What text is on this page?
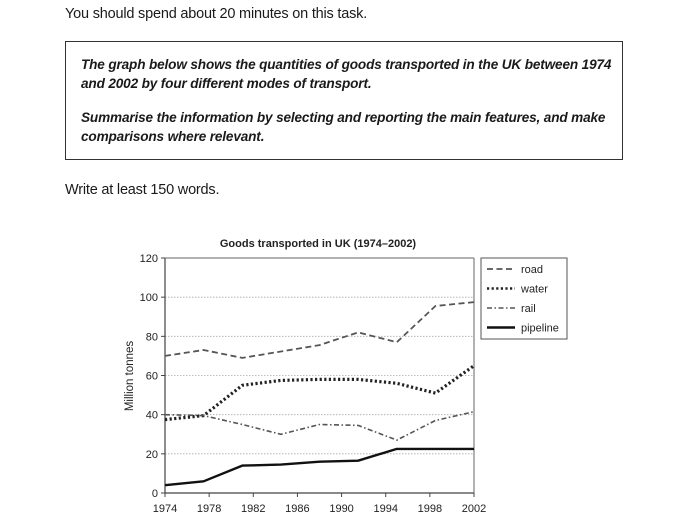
You should spend about 20 minutes on this task.

The graph below shows the quantities of goods transported in the UK between 1974 and 2002 by four different modes of transport.

Summarise the information by selecting and reporting the main features, and make comparisons where relevant.

Write at least 150 words.
Goods transported in UK (1974–2002)
0
20
40
60
80
100
120
1974 1978 1982 1986 1990 1994 1998 2002
Million tonnes
road
water
rail
pipeline
